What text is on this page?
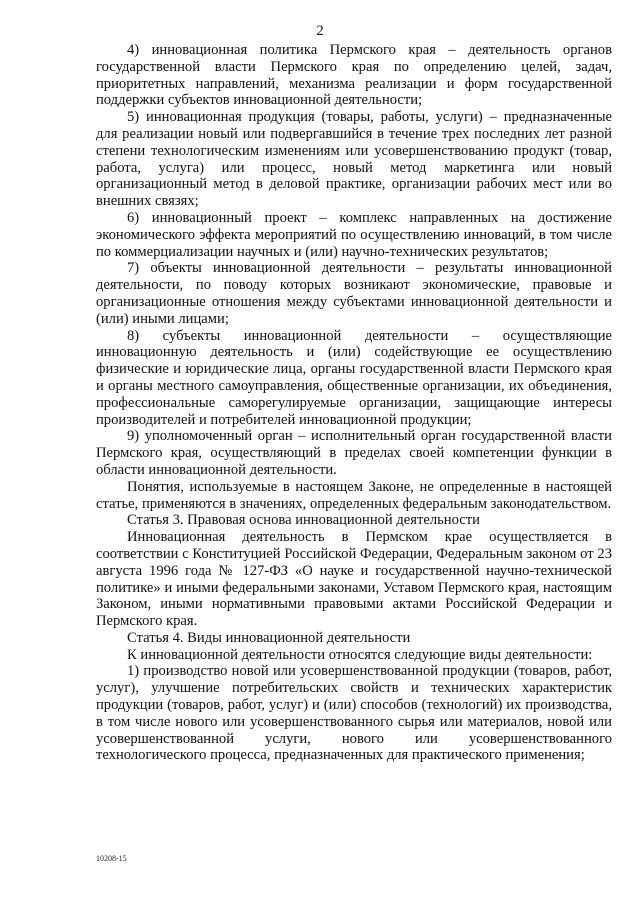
2

4) инновационная политика Пермского края – деятельность органов государственной власти Пермского края по определению целей, задач, приоритетных направлений, механизма реализации и форм государственной поддержки субъектов инновационной деятельности;

5) инновационная продукция (товары, работы, услуги) – предназначенные для реализации новый или подвергавшийся в течение трех последних лет разной степени технологическим изменениям или усовершенствованию продукт (товар, работа, услуга) или процесс, новый метод маркетинга или новый организационный метод в деловой практике, организации рабочих мест или во внешних связях;

6) инновационный проект – комплекс направленных на достижение экономического эффекта мероприятий по осуществлению инноваций, в том числе по коммерциализации научных и (или) научно-технических результатов;

7) объекты инновационной деятельности – результаты инновационной деятельности, по поводу которых возникают экономические, правовые и организационные отношения между субъектами инновационной деятельности и (или) иными лицами;

8) субъекты инновационной деятельности – осуществляющие инновационную деятельность и (или) содействующие ее осуществлению физические и юридические лица, органы государственной власти Пермского края и органы местного самоуправления, общественные организации, их объединения, профессиональные саморегулируемые организации, защищающие интересы производителей и потребителей инновационной продукции;

9) уполномоченный орган – исполнительный орган государственной власти Пермского края, осуществляющий в пределах своей компетенции функции в области инновационной деятельности.

Понятия, используемые в настоящем Законе, не определенные в настоящей статье, применяются в значениях, определенных федеральным законодательством.

Статья 3. Правовая основа инновационной деятельности

Инновационная деятельность в Пермском крае осуществляется в соответствии с Конституцией Российской Федерации, Федеральным законом от 23 августа 1996 года № 127-ФЗ «О науке и государственной научно-технической политике» и иными федеральными законами, Уставом Пермского края, настоящим Законом, иными нормативными правовыми актами Российской Федерации и Пермского края.

Статья 4. Виды инновационной деятельности

К инновационной деятельности относятся следующие виды деятельности:

1) производство новой или усовершенствованной продукции (товаров, работ, услуг), улучшение потребительских свойств и технических характеристик продукции (товаров, работ, услуг) и (или) способов (технологий) их производства, в том числе нового или усовершенствованного сырья или материалов, новой или усовершенствованной услуги, нового или усовершенствованного технологического процесса, предназначенных для практического применения;

10208-15
